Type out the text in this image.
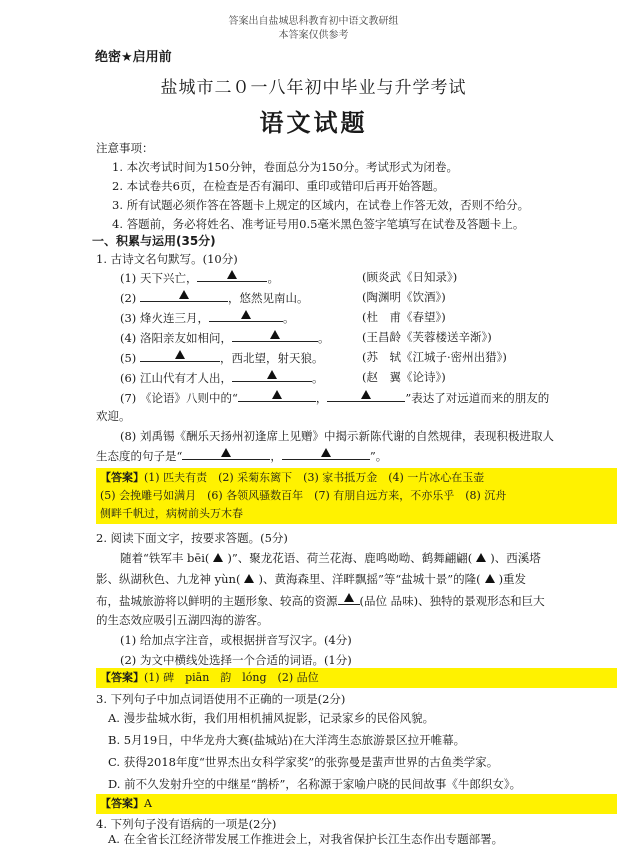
答案出自盐城思科教育初中语文教研组
本答案仅供参考
绝密★启用前
盐城市二０一八年初中毕业与升学考试
语文试题
注意事项：
1. 本次考试时间为150分钟，卷面总分为150分。考试形式为闭卷。
2. 本试卷共6页，在检查是否有漏印、重印或错印后再开始答题。
3. 所有试题必须作答在答题卡上规定的区域内，在试卷上作答无效，否则不给分。
4. 答题前，务必将姓名、准考证号用0.5毫米黑色签字笔填写在试卷及答题卡上。
一、积累与运用(35分)
1. 古诗文名句默写。(10分)
(1) 天下兴亡，	。	(顾炎武《日知录》)
(2)	，悠然见南山。	(陶渊明《饮酒》)
(3) 烽火连三月，	。	(杜　甫《春望》)
(4) 洛阳亲友如相问，	。	(王昌龄《芙蓉楼送辛渐》)
(5)	，西北望，射天狼。	(苏　轼《江城子·密州出猎》)
(6) 江山代有才人出，	。	(赵　翼《论诗》)
(7) 《论语》八则中的“	，	”表达了对远道而来的朋友的
欢迎。
(8) 刘禹锡《酬乐天扬州初逢席上见赠》中揭示新陈代谢的自然规律，表现积极进取人
生态度的句子是“	，	”。
【答案】(1) 匹夫有责　(2) 采菊东篱下　(3) 家书抵万金　(4) 一片冰心在玉壶
(5) 会挽雕弓如满月　(6) 各领风骚数百年　(7) 有朋自远方来，不亦乐乎　(8) 沉舟
侧畔千帆过，病树前头万木春
2. 阅读下面文字，按要求答题。(5分)
随着“铁军丰 bēi( )”、聚龙花语、荷兰花海、鹿鸣呦呦、鹤舞翩翩( )、西溪塔
影、纵湖秋色、九龙神 yùn( )、黄海森里、洋畔飘摇”等“盐城十景”的隆( )重发
布，盐城旅游将以鲜明的主题形象、较高的资源 (品位 品味)、独特的景观形态和巨大
的生态效应吸引五湖四海的游客。
(1) 给加点字注音，或根据拼音写汉字。(4分)
(2) 为文中横线处选择一个合适的词语。(1分)
【答案】(1) 碑　piān　韵　lóng　(2) 品位
3. 下列句子中加点词语使用不正确的一项是(2分)
A. 漫步盐城水街，我们用相机捕风捉影，记录家乡的民俗风貌。
B. 5月19日，中华龙舟大赛(盐城站)在大洋湾生态旅游景区拉开帷幕。
C. 获得2018年度“世界杰出女科学家奖”的张弥曼是蜚声世界的古鱼类学家。
D. 前不久发射升空的中继星“鹊桥”，名称源于家喻户晓的民间故事《牛郎织女》。
【答案】A
4. 下列句子没有语病的一项是(2分)
A. 在全省长江经济带发展工作推进会上，对我省保护长江生态作出专题部署。
